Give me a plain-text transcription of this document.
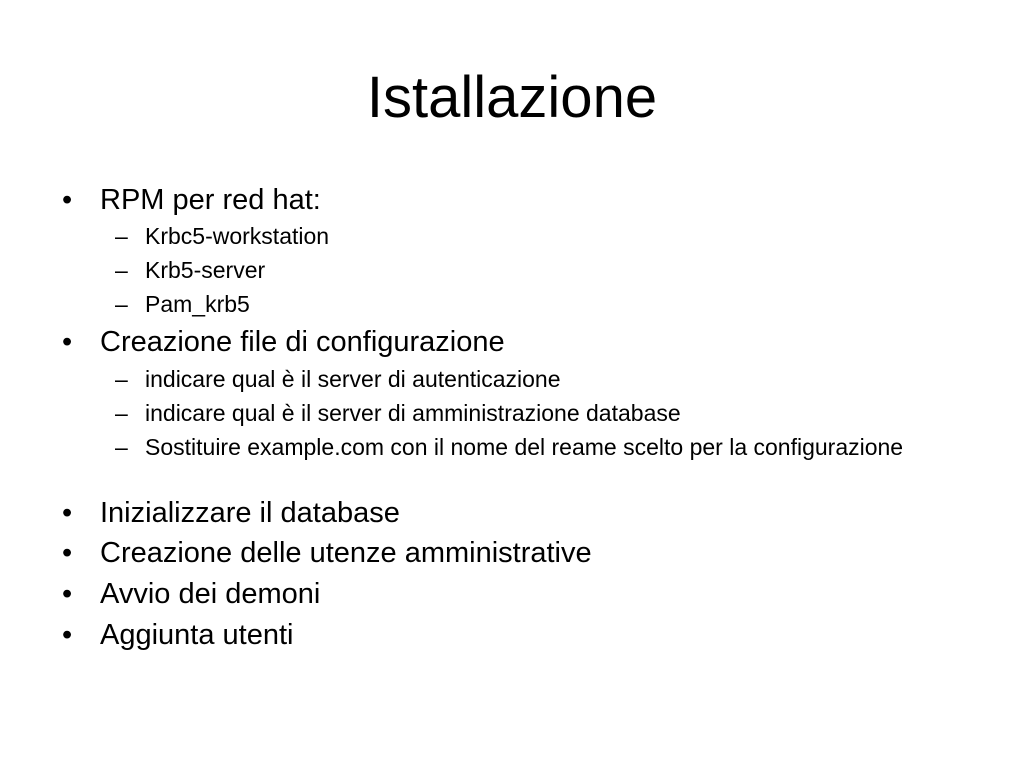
Istallazione
• RPM per red hat:
– Krbc5-workstation
– Krb5-server
– Pam_krb5
• Creazione file di configurazione
– indicare qual è il server di autenticazione
– indicare qual è il server di amministrazione database
– Sostituire example.com con il nome del reame scelto per la configurazione
• Inizializzare il database
• Creazione delle utenze amministrative
• Avvio dei demoni
• Aggiunta utenti
